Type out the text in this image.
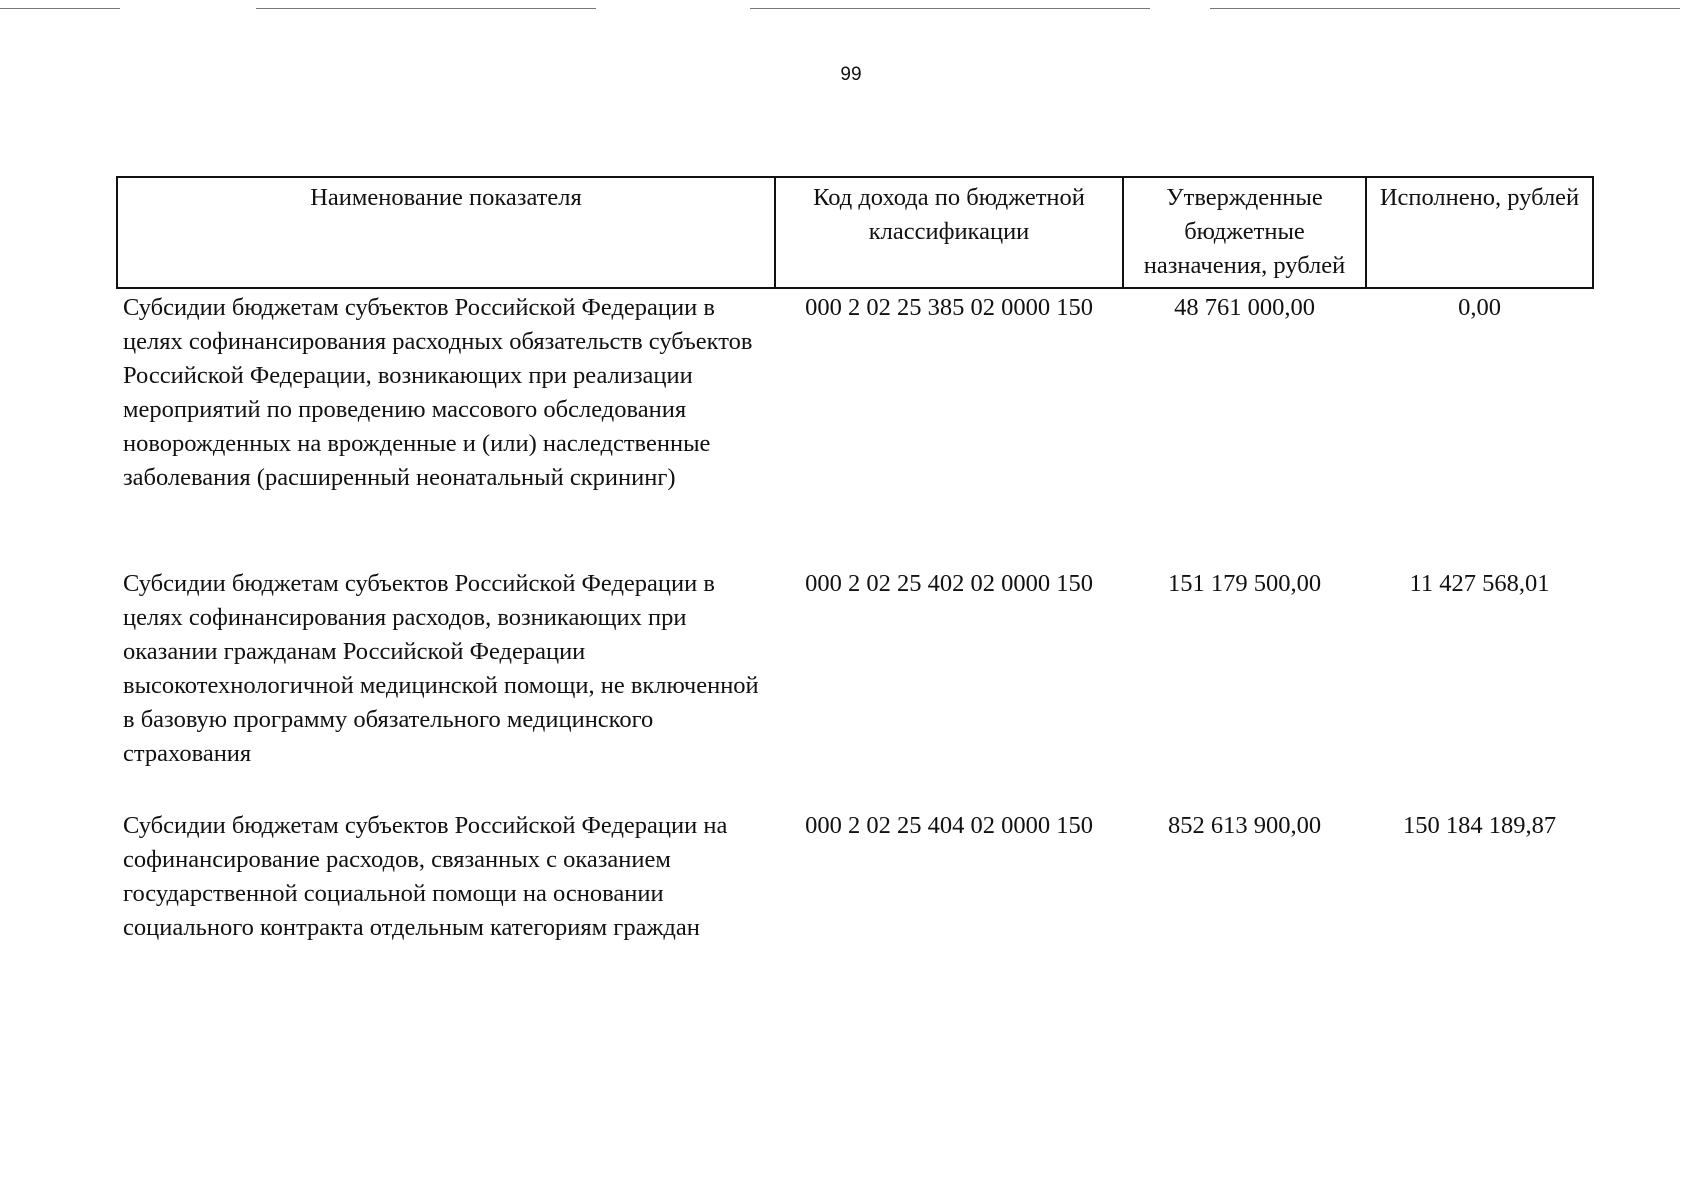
99
Наименование показателя	Код дохода по бюджетной классификации	Утвержденные бюджетные назначения, рублей	Исполнено, рублей
Субсидии бюджетам субъектов Российской Федерации в целях софинансирования расходных обязательств субъектов Российской Федерации, возникающих при реализации мероприятий по проведению массового обследования новорожденных на врожденные и (или) наследственные заболевания (расширенный неонатальный скрининг)	000 2 02 25 385 02 0000 150	48 761 000,00	0,00
Субсидии бюджетам субъектов Российской Федерации в целях софинансирования расходов, возникающих при оказании гражданам Российской Федерации высокотехнологичной медицинской помощи, не включенной в базовую программу обязательного медицинского страхования	000 2 02 25 402 02 0000 150	151 179 500,00	11 427 568,01
Субсидии бюджетам субъектов Российской Федерации на софинансирование расходов, связанных с оказанием государственной социальной помощи на основании социального контракта отдельным категориям граждан	000 2 02 25 404 02 0000 150	852 613 900,00	150 184 189,87
